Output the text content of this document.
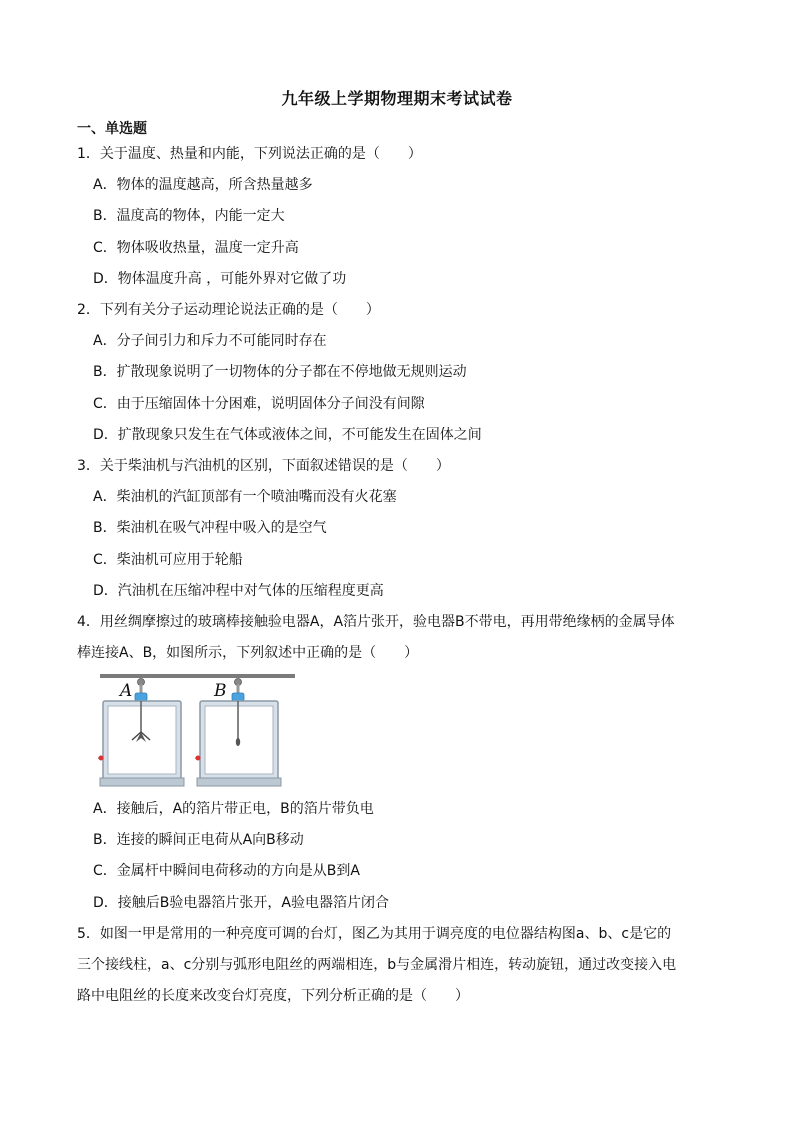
九年级上学期物理期末考试试卷
一、单选题
1．关于温度、热量和内能，下列说法正确的是（　　）
A．物体的温度越高，所含热量越多
B．温度高的物体，内能一定大
C．物体吸收热量，温度一定升高
D．物体温度升高 ，可能外界对它做了功
2．下列有关分子运动理论说法正确的是（　　）
A．分子间引力和斥力不可能同时存在
B．扩散现象说明了一切物体的分子都在不停地做无规则运动
C．由于压缩固体十分困难，说明固体分子间没有间隙
D．扩散现象只发生在气体或液体之间，不可能发生在固体之间
3．关于柴油机与汽油机的区别，下面叙述错误的是（　　）
A．柴油机的汽缸顶部有一个喷油嘴而没有火花塞
B．柴油机在吸气冲程中吸入的是空气
C．柴油机可应用于轮船
D．汽油机在压缩冲程中对气体的压缩程度更高
4．用丝绸摩擦过的玻璃棒接触验电器A，A箔片张开，验电器B不带电，再用带绝缘柄的金属导体
棒连接A、B，如图所示，下列叙述中正确的是（　　）
A	B
A．接触后，A的箔片带正电，B的箔片带负电
B．连接的瞬间正电荷从A向B移动
C．金属杆中瞬间电荷移动的方向是从B到A
D．接触后B验电器箔片张开，A验电器箔片闭合
5．如图一甲是常用的一种亮度可调的台灯，图乙为其用于调亮度的电位器结构图a、b、c是它的
三个接线柱，a、c分别与弧形电阻丝的两端相连，b与金属滑片相连，转动旋钮，通过改变接入电
路中电阻丝的长度来改变台灯亮度，下列分析正确的是（　　）
